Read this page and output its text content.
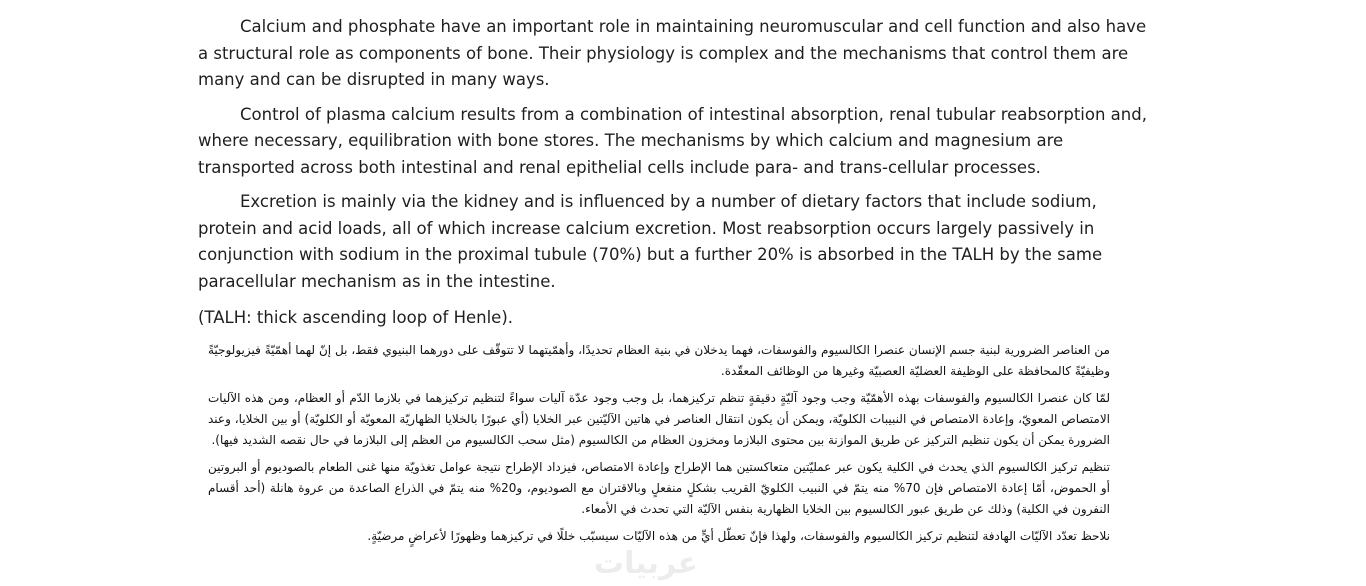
Calcium and phosphate have an important role in maintaining neuromuscular and cell function and also have a structural role as components of bone. Their physiology is complex and the mechanisms that control them are many and can be disrupted in many ways.

Control of plasma calcium results from a combination of intestinal absorption, renal tubular reabsorption and, where necessary, equilibration with bone stores. The mechanisms by which calcium and magnesium are transported across both intestinal and renal epithelial cells include para- and trans-cellular processes.

Excretion is mainly via the kidney and is influenced by a number of dietary factors that include sodium, protein and acid loads, all of which increase calcium excretion. Most reabsorption occurs largely passively in conjunction with sodium in the proximal tubule (70%) but a further 20% is absorbed in the TALH by the same paracellular mechanism as in the intestine.

(TALH: thick ascending loop of Henle).

من العناصر الضرورية لبنية جسم الإنسان عنصرا الكالسيوم والفوسفات، فهما يدخلان في بنية العظام تحديدًا، وأهمّيتهما لا تتوقّف على دورهما البنيوي فقط، بل إنّ لهما أهمّيّةً فيزيولوجيّةً وظيفيّةً كالمحافظة على الوظيفة العضليّة العصبيّة وغيرها من الوظائف المعقّدة.

لمّا كان عنصرا الكالسيوم والفوسفات بهذه الأهمّيّة وجب وجود آليّةٍ دقيقةٍ تنظم تركيزهما، بل وجب وجود عدّة آليات سواءً لتنظيم تركيزهما في بلازما الدّم أو العظام، ومن هذه الآليات الامتصاص المعويّ، وإعادة الامتصاص في النبيبات الكلويّة، ويمكن أن يكون انتقال العناصر في هاتين الآليّتين عبر الخلايا (أي عبورًا بالخلايا الظهاريّة المعويّة أو الكلويّة) أو بين الخلايا، وعند الضرورة يمكن أن يكون تنظيم التركيز عن طريق الموازنة بين محتوى البلازما ومخزون العظام من الكالسيوم (مثل سحب الكالسيوم من العظم إلى البلازما في حال نقصه الشديد فيها).

تنظيم تركيز الكالسيوم الذي يحدث في الكلية يكون عبر عمليّتين متعاكستين هما الإطراح وإعادة الامتصاص، فيزداد الإطراح نتيجة عوامل تغذويّة منها غنى الطعام بالصوديوم أو البروتين أو الحموض، أمّا إعادة الامتصاص فإن 70% منه يتمّ في النبيب الكلويّ القريب بشكلٍ منفعلٍ وبالاقتران مع الصوديوم، و20% منه يتمّ في الذراع الصاعدة من عروة هانلة (أحد أقسام النفرون في الكلية) وذلك عن طريق عبور الكالسيوم بين الخلايا الظهارية بنفس الآليّة التي تحدث في الأمعاء.

نلاحظ تعدّد الآليّات الهادفة لتنظيم تركيز الكالسيوم والفوسفات، ولهذا فإنّ تعطّل أيٍّ من هذه الآليّات سيسبّب خللًا في تركيزهما وظهورًا لأعراضٍ مرضيّةٍ.

عربيات
